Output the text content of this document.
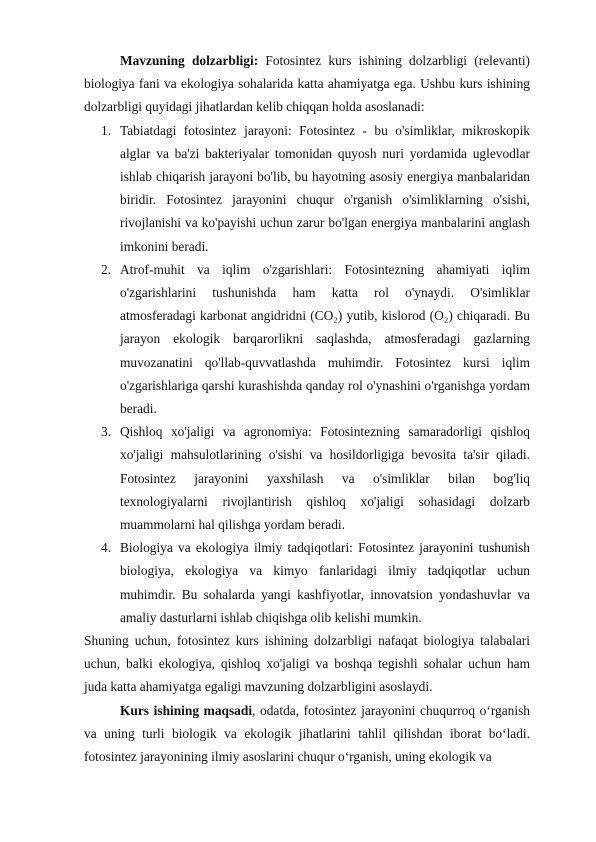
Mavzuning dolzarbligi: Fotosintez kurs ishining dolzarbligi (relevanti) biologiya fani va ekologiya sohalarida katta ahamiyatga ega. Ushbu kurs ishining dolzarbligi quyidagi jihatlardan kelib chiqqan holda asoslanadi:

1. Tabiatdagi fotosintez jarayoni: Fotosintez - bu o'simliklar, mikroskopik alglar va ba'zi bakteriyalar tomonidan quyosh nuri yordamida uglevodlar ishlab chiqarish jarayoni bo'lib, bu hayotning asosiy energiya manbalaridan biridir. Fotosintez jarayonini chuqur o'rganish o'simliklarning o'sishi, rivojlanishi va ko'payishi uchun zarur bo'lgan energiya manbalarini anglash imkonini beradi.
2. Atrof-muhit va iqlim o'zgarishlari: Fotosintezning ahamiyati iqlim o'zgarishlarini tushunishda ham katta rol o'ynaydi. O'simliklar atmosferadagi karbonat angidridni (CO₂) yutib, kislorod (O₂) chiqaradi. Bu jarayon ekologik barqarorlikni saqlashda, atmosferadagi gazlarning muvozanatini qo'llab-quvvatlashda muhimdir. Fotosintez kursi iqlim o'zgarishlariga qarshi kurashishda qanday rol o'ynashini o'rganishga yordam beradi.
3. Qishloq xo'jaligi va agronomiya: Fotosintezning samaradorligi qishloq xo'jaligi mahsulotlarining o'sishi va hosildorligiga bevosita ta'sir qiladi. Fotosintez jarayonini yaxshilash va o'simliklar bilan bog'liq texnologiyalarni rivojlantirish qishloq xo'jaligi sohasidagi dolzarb muammolarni hal qilishga yordam beradi.
4. Biologiya va ekologiya ilmiy tadqiqotlari: Fotosintez jarayonini tushunish biologiya, ekologiya va kimyo fanlaridagi ilmiy tadqiqotlar uchun muhimdir. Bu sohalarda yangi kashfiyotlar, innovatsion yondashuvlar va amaliy dasturlarni ishlab chiqishga olib kelishi mumkin.

Shuning uchun, fotosintez kurs ishining dolzarbligi nafaqat biologiya talabalari uchun, balki ekologiya, qishloq xo'jaligi va boshqa tegishli sohalar uchun ham juda katta ahamiyatga egaligi mavzuning dolzarbligini asoslaydi.

Kurs ishining maqsadi, odatda, fotosintez jarayonini chuqurroq o‘rganish va uning turli biologik va ekologik jihatlarini tahlil qilishdan iborat bo‘ladi. fotosintez jarayonining ilmiy asoslarini chuqur o‘rganish, uning ekologik va
